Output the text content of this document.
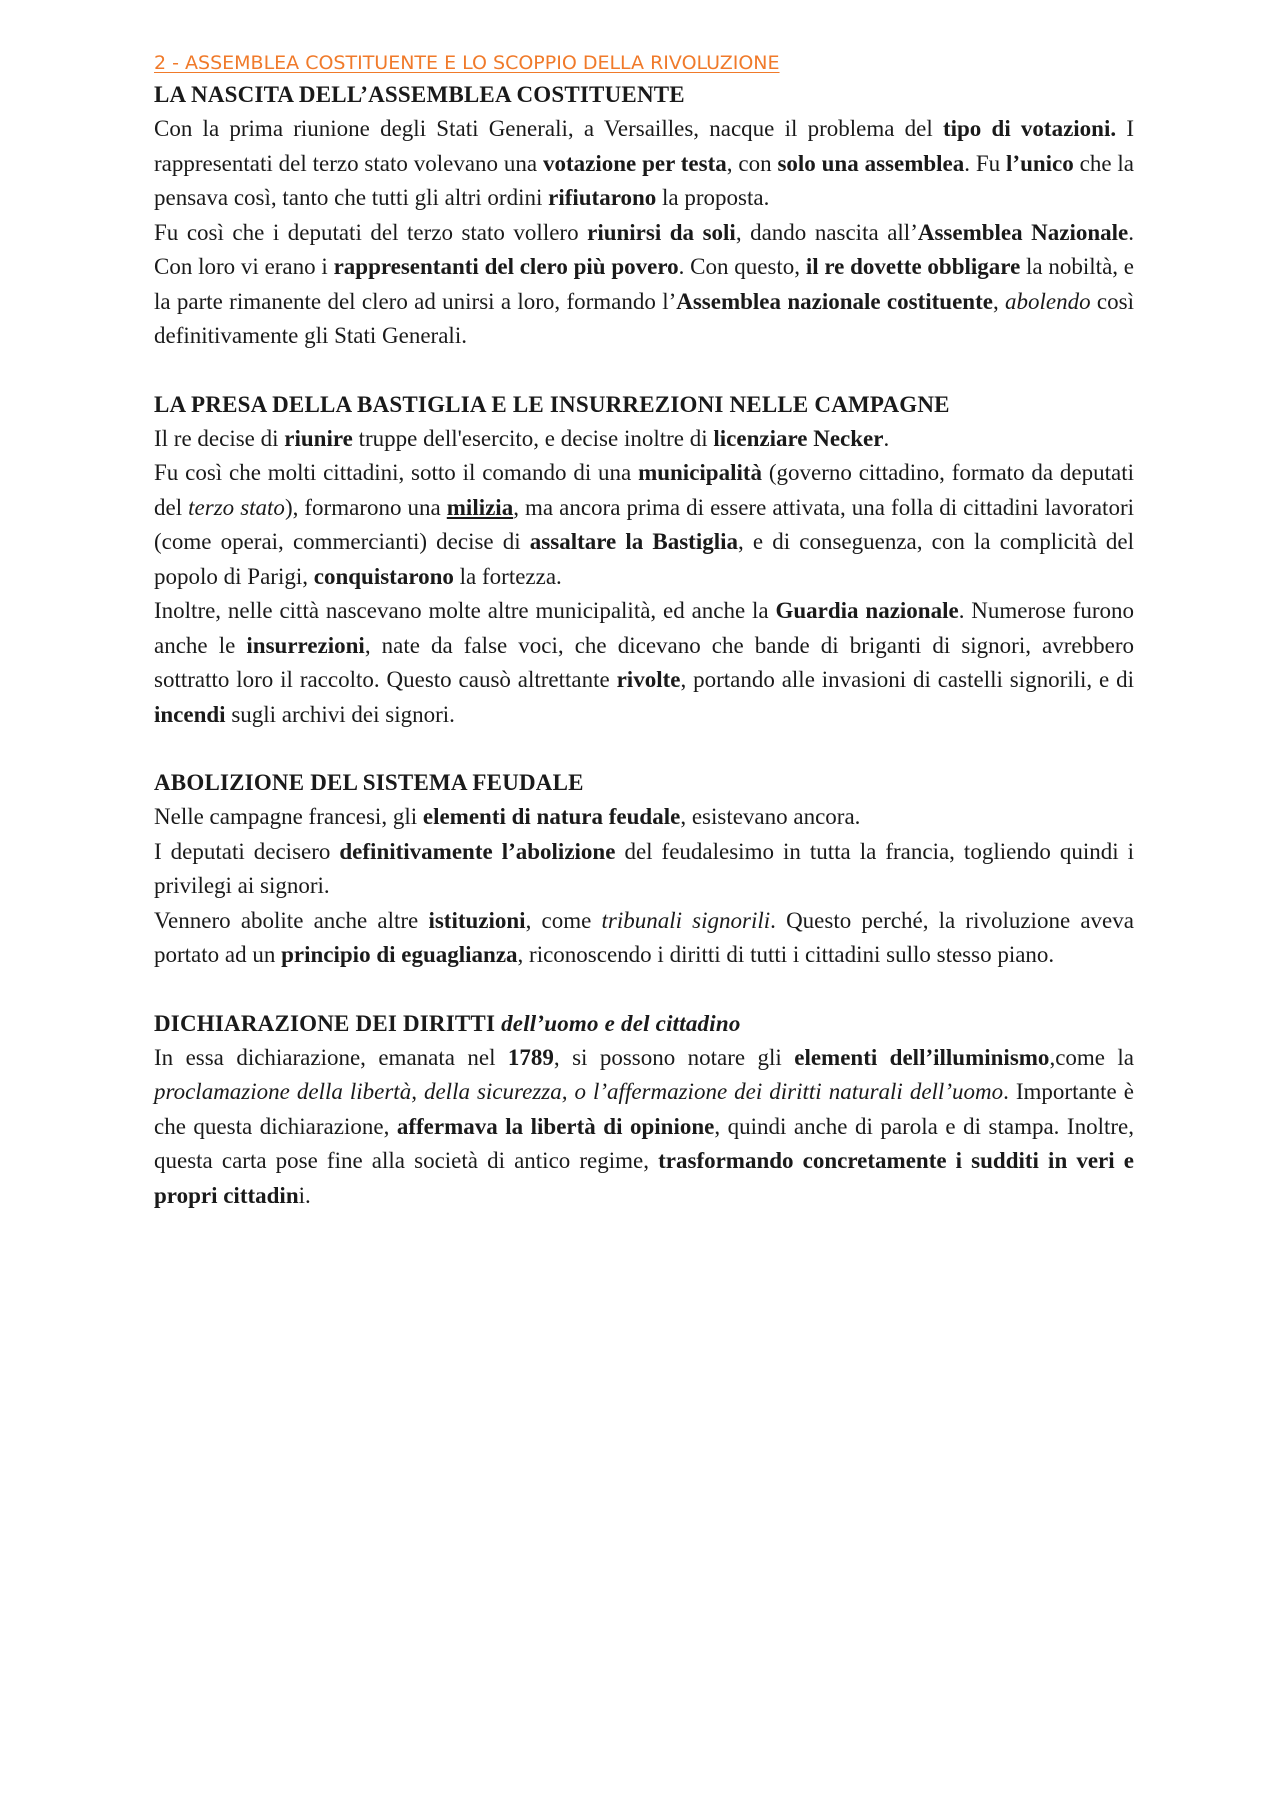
2 - ASSEMBLEA COSTITUENTE E LO SCOPPIO DELLA RIVOLUZIONE
LA NASCITA DELL’ASSEMBLEA COSTITUENTE

Con la prima riunione degli Stati Generali, a Versailles, nacque il problema del tipo di votazioni. I rappresentati del terzo stato volevano una votazione per testa, con solo una assemblea. Fu l’unico che la pensava così, tanto che tutti gli altri ordini rifiutarono la proposta.

Fu così che i deputati del terzo stato vollero riunirsi da soli, dando nascita all’Assemblea Nazionale. Con loro vi erano i rappresentanti del clero più povero. Con questo, il re dovette obbligare la nobiltà, e la parte rimanente del clero ad unirsi a loro, formando l’Assemblea nazionale costituente, abolendo così definitivamente gli Stati Generali.

LA PRESA DELLA BASTIGLIA E LE INSURREZIONI NELLE CAMPAGNE

Il re decise di riunire truppe dell'esercito, e decise inoltre di licenziare Necker.

Fu così che molti cittadini, sotto il comando di una municipalità (governo cittadino, formato da deputati del terzo stato), formarono una milizia, ma ancora prima di essere attivata, una folla di cittadini lavoratori (come operai, commercianti) decise di assaltare la Bastiglia, e di conseguenza, con la complicità del popolo di Parigi, conquistarono la fortezza.

Inoltre, nelle città nascevano molte altre municipalità, ed anche la Guardia nazionale. Numerose furono anche le insurrezioni, nate da false voci, che dicevano che bande di briganti di signori, avrebbero sottratto loro il raccolto. Questo causò altrettante rivolte, portando alle invasioni di castelli signorili, e di incendi sugli archivi dei signori.

ABOLIZIONE DEL SISTEMA FEUDALE

Nelle campagne francesi, gli elementi di natura feudale, esistevano ancora.

I deputati decisero definitivamente l’abolizione del feudalesimo in tutta la francia, togliendo quindi i privilegi ai signori.

Vennero abolite anche altre istituzioni, come tribunali signorili. Questo perché, la rivoluzione aveva portato ad un principio di eguaglianza, riconoscendo i diritti di tutti i cittadini sullo stesso piano.

DICHIARAZIONE DEI DIRITTI dell’uomo e del cittadino

In essa dichiarazione, emanata nel 1789, si possono notare gli elementi dell’illuminismo,come la proclamazione della libertà, della sicurezza, o l’affermazione dei diritti naturali dell’uomo. Importante è che questa dichiarazione, affermava la libertà di opinione, quindi anche di parola e di stampa. Inoltre, questa carta pose fine alla società di antico regime, trasformando concretamente i sudditi in veri e propri cittadini.
